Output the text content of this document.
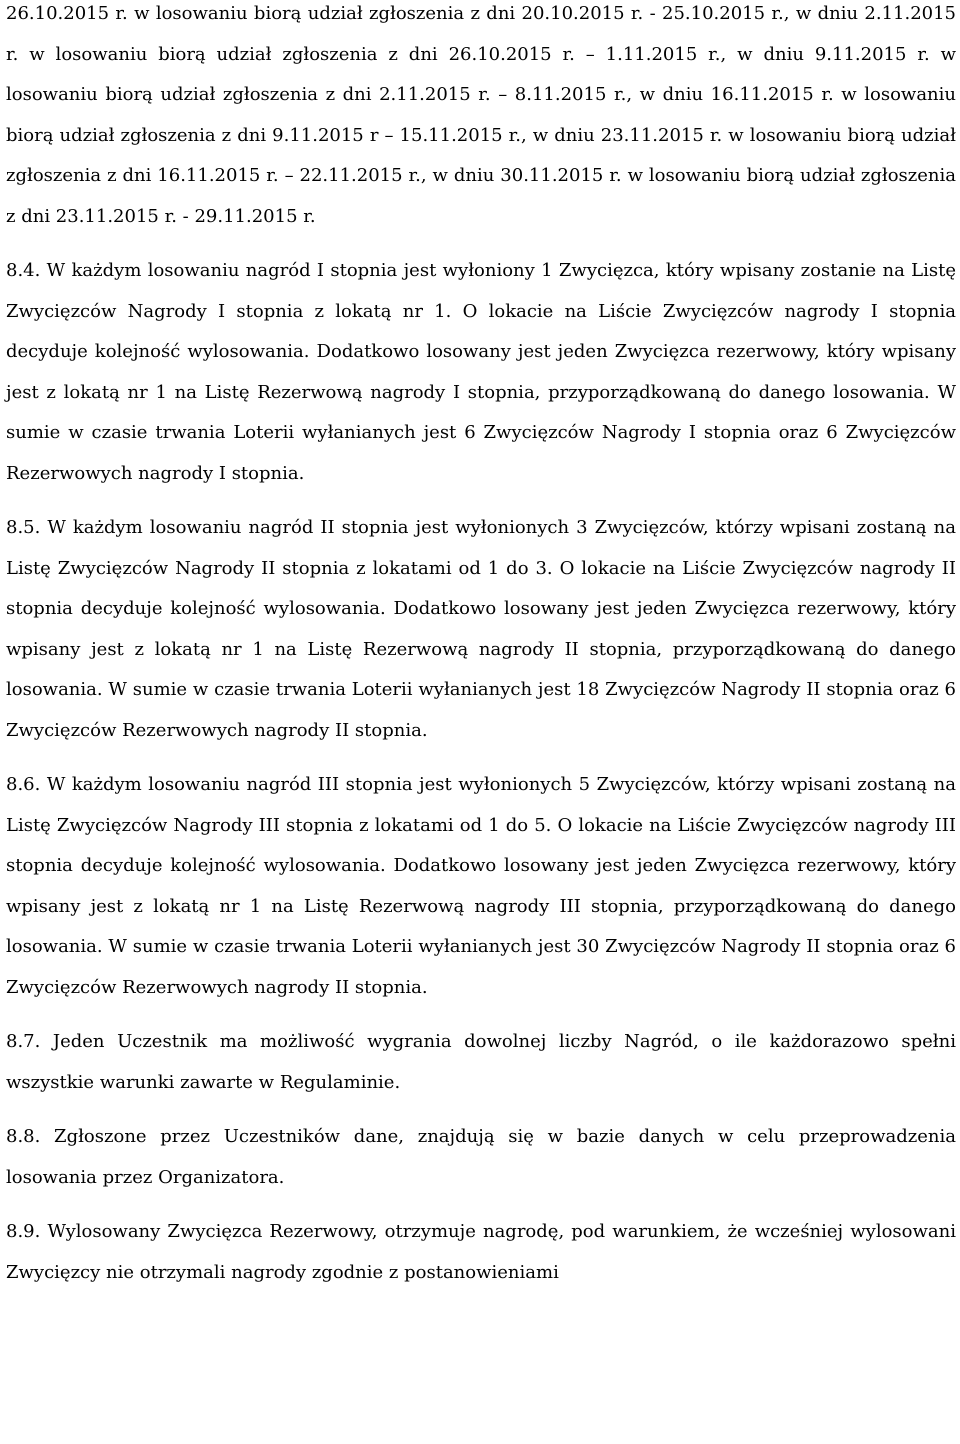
26.10.2015 r. w losowaniu biorą udział zgłoszenia z dni 20.10.2015 r. - 25.10.2015 r., w dniu 2.11.2015 r. w losowaniu biorą udział zgłoszenia z dni 26.10.2015 r. – 1.11.2015 r., w dniu 9.11.2015 r. w losowaniu biorą udział zgłoszenia z dni 2.11.2015 r. – 8.11.2015 r., w dniu 16.11.2015 r. w losowaniu biorą udział zgłoszenia z dni 9.11.2015 r – 15.11.2015 r., w dniu 23.11.2015 r. w losowaniu biorą udział zgłoszenia z dni 16.11.2015 r. – 22.11.2015 r., w dniu 30.11.2015 r. w losowaniu biorą udział zgłoszenia z dni 23.11.2015 r. - 29.11.2015 r.

8.4. W każdym losowaniu nagród I stopnia jest wyłoniony 1 Zwycięzca, który wpisany zostanie na Listę Zwycięzców Nagrody I stopnia z lokatą nr 1. O lokacie na Liście Zwycięzców nagrody I stopnia decyduje kolejność wylosowania. Dodatkowo losowany jest jeden Zwycięzca rezerwowy, który wpisany jest z lokatą nr 1 na Listę Rezerwową nagrody I stopnia, przyporządkowaną do danego losowania. W sumie w czasie trwania Loterii wyłanianych jest 6 Zwycięzców Nagrody I stopnia oraz 6 Zwycięzców Rezerwowych nagrody I stopnia.

8.5. W każdym losowaniu nagród II stopnia jest wyłonionych 3 Zwycięzców, którzy wpisani zostaną na Listę Zwycięzców Nagrody II stopnia z lokatami od 1 do 3. O lokacie na Liście Zwycięzców nagrody II stopnia decyduje kolejność wylosowania. Dodatkowo losowany jest jeden Zwycięzca rezerwowy, który wpisany jest z lokatą nr 1 na Listę Rezerwową nagrody II stopnia, przyporządkowaną do danego losowania. W sumie w czasie trwania Loterii wyłanianych jest 18 Zwycięzców Nagrody II stopnia oraz 6 Zwycięzców Rezerwowych nagrody II stopnia.

8.6. W każdym losowaniu nagród III stopnia jest wyłonionych 5 Zwycięzców, którzy wpisani zostaną na Listę Zwycięzców Nagrody III stopnia z lokatami od 1 do 5. O lokacie na Liście Zwycięzców nagrody III stopnia decyduje kolejność wylosowania. Dodatkowo losowany jest jeden Zwycięzca rezerwowy, który wpisany jest z lokatą nr 1 na Listę Rezerwową nagrody III stopnia, przyporządkowaną do danego losowania. W sumie w czasie trwania Loterii wyłanianych jest 30 Zwycięzców Nagrody II stopnia oraz 6 Zwycięzców Rezerwowych nagrody II stopnia.

8.7. Jeden Uczestnik ma możliwość wygrania dowolnej liczby Nagród, o ile każdorazowo spełni wszystkie warunki zawarte w Regulaminie.

8.8. Zgłoszone przez Uczestników dane, znajdują się w bazie danych w celu przeprowadzenia losowania przez Organizatora.

8.9. Wylosowany Zwycięzca Rezerwowy, otrzymuje nagrodę, pod warunkiem, że wcześniej wylosowani Zwycięzcy nie otrzymali nagrody zgodnie z postanowieniami
